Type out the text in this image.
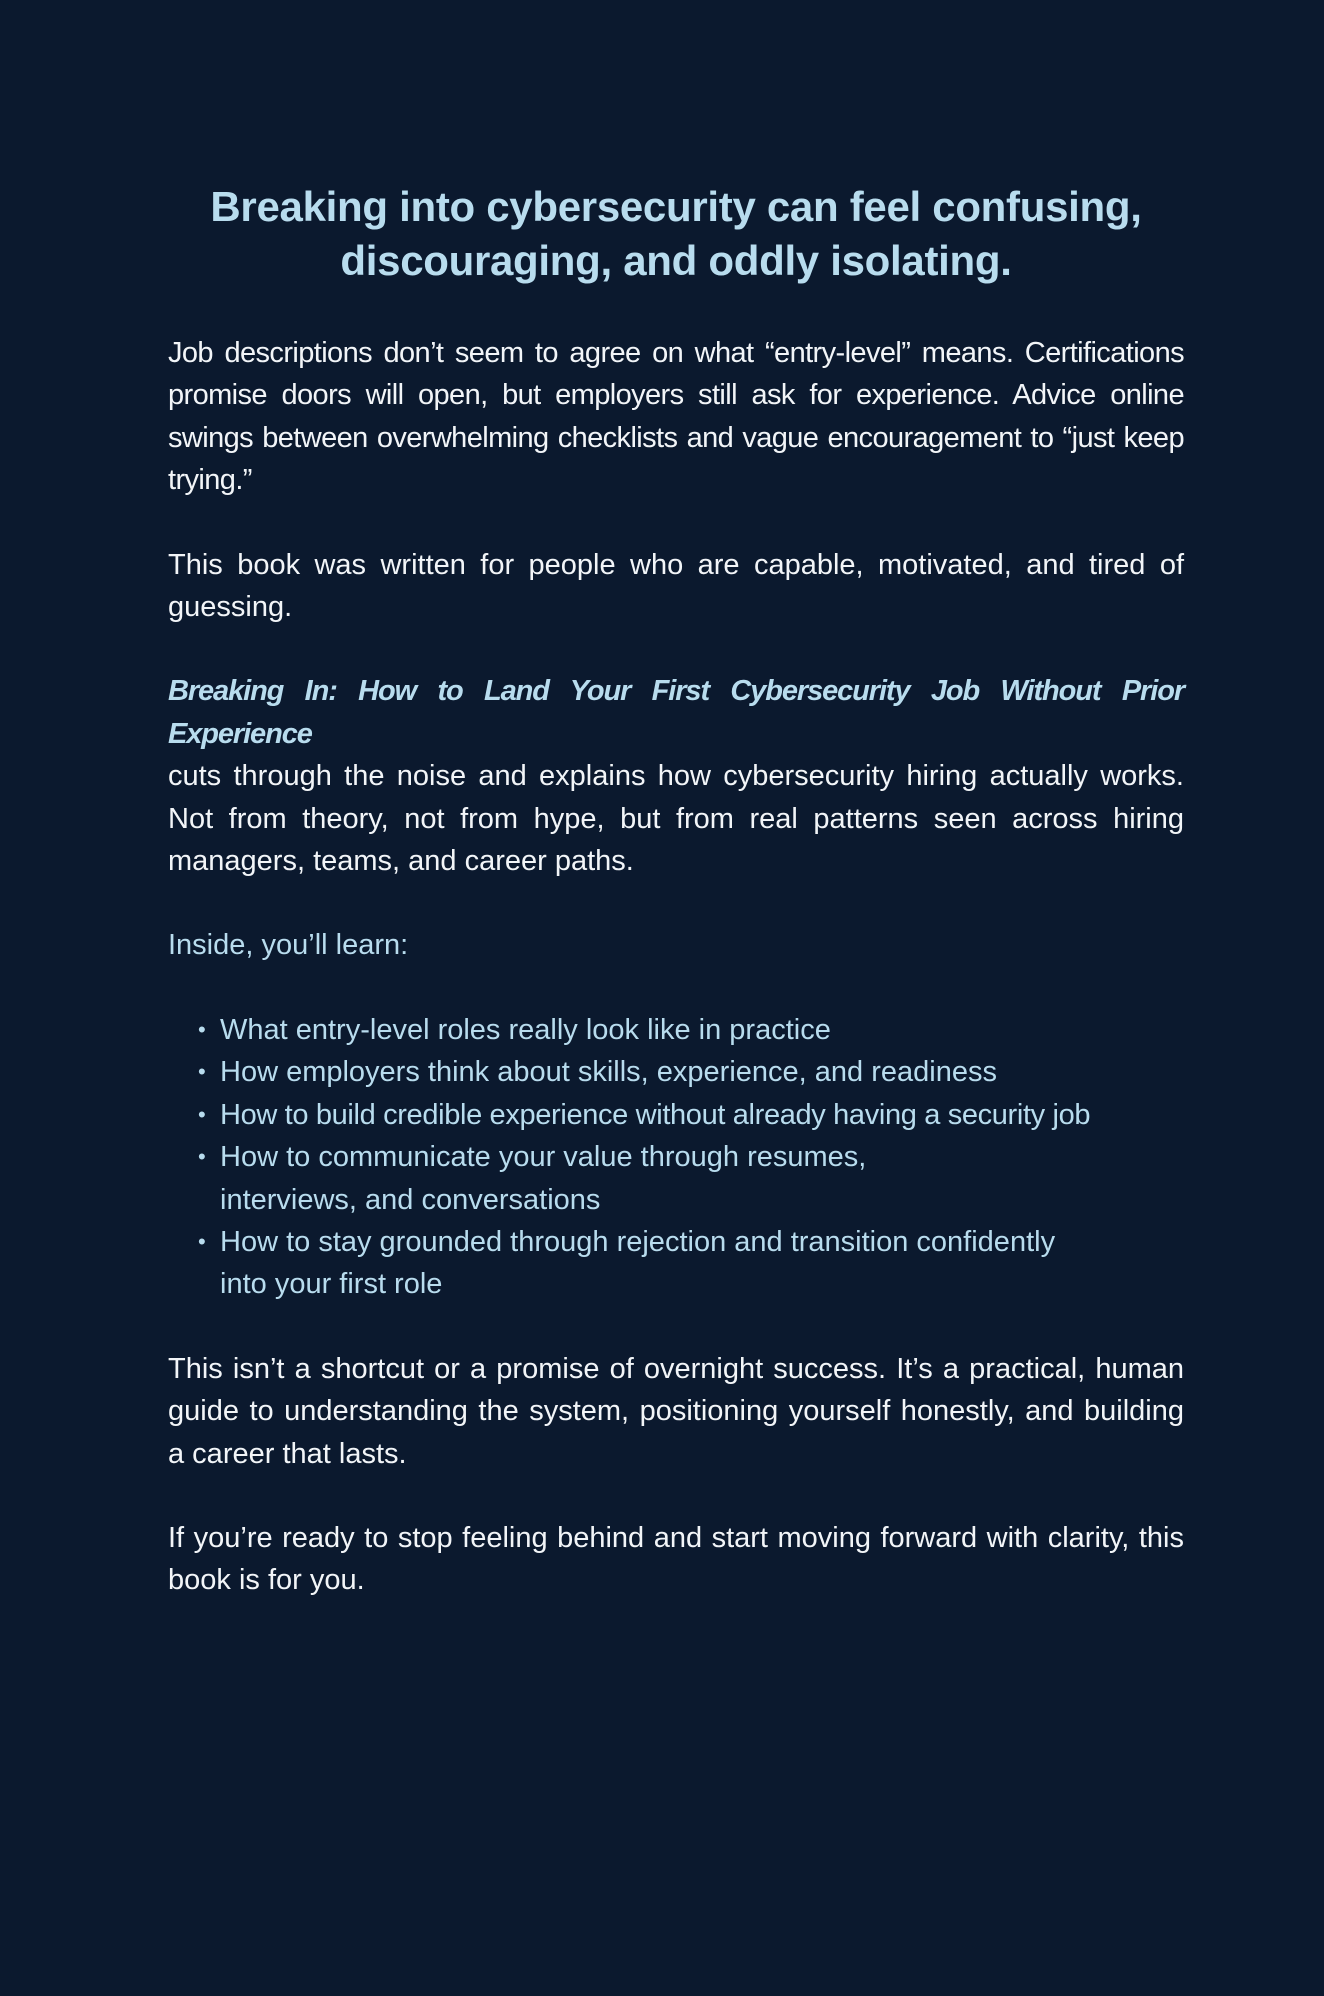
Breaking into cybersecurity can feel confusing,
discouraging, and oddly isolating.

Job descriptions don’t seem to agree on what “entry-level” means. Certifications promise doors will open, but employers still ask for experience. Advice online swings between overwhelming checklists and vague encouragement to “just keep trying.”

This book was written for people who are capable, motivated, and tired of guessing.

Breaking In: How to Land Your First Cybersecurity Job Without Prior Experience
cuts through the noise and explains how cybersecurity hiring actually works. Not from theory, not from hype, but from real patterns seen across hiring managers, teams, and career paths.

Inside, you’ll learn:

• What entry-level roles really look like in practice
• How employers think about skills, experience, and readiness
• How to build credible experience without already having a security job
• How to communicate your value through resumes,
interviews, and conversations
• How to stay grounded through rejection and transition confidently
into your first role

This isn’t a shortcut or a promise of overnight success. It’s a practical, human guide to understanding the system, positioning yourself honestly, and building a career that lasts.

If you’re ready to stop feeling behind and start moving forward with clarity, this book is for you.
